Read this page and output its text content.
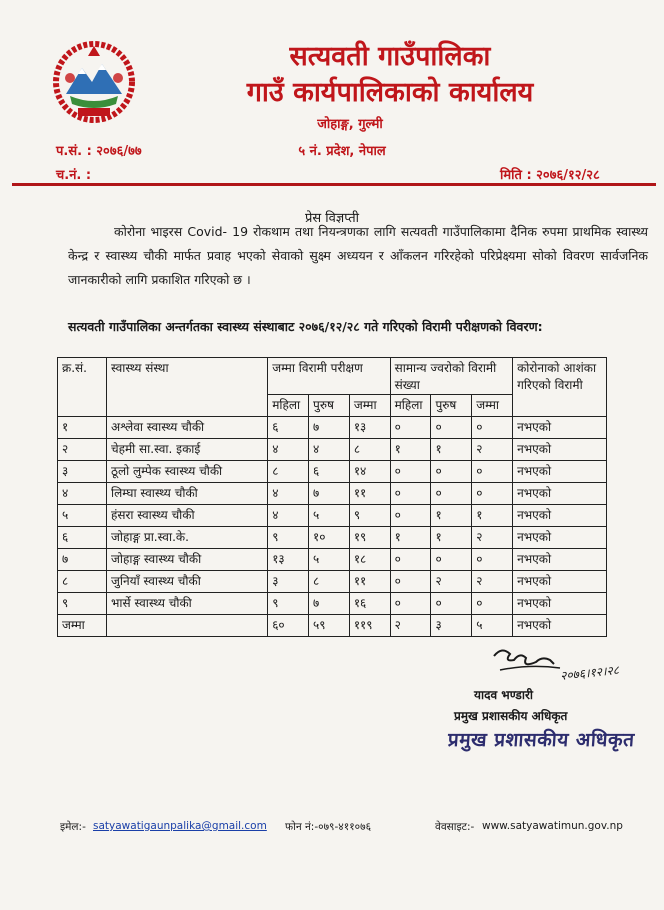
सत्यवती गाउँपालिका
गाउँ कार्यपालिकाको कार्यालय
जोहाङ्ग, गुल्मी
प.सं. : २०७६/७७	५ नं. प्रदेश, नेपाल
च.नं. :	मिति : २०७६/१२/२८
प्रेस विज्ञप्ती

कोरोना भाइरस Covid- 19 रोकथाम तथा नियन्त्रणका लागि सत्यवती गाउँपालिकामा दैनिक रुपमा प्राथमिक स्वास्थ्य केन्द्र र स्वास्थ्य चौकी मार्फत प्रवाह भएको सेवाको सुक्ष्म अध्ययन र आँकलन गरिरहेको परिप्रेक्ष्यमा सोको विवरण सार्वजनिक जानकारीको लागि प्रकाशित गरिएको छ ।

सत्यवती गाउँपालिका अन्तर्गतका स्वास्थ्य संस्थाबाट २०७६/१२/२८ गते गरिएको विरामी परीक्षणको विवरण:

क्र.सं.	स्वास्थ्य संस्था	जम्मा विरामी परीक्षण			सामान्य ज्वरोको विरामी संख्या			कोरोनाको आशंका गरिएको विरामी
		महिला	पुरुष	जम्मा	महिला	पुरुष	जम्मा	
१	अश्लेवा स्वास्थ्य चौकी	६	७	१३	०	०	०	नभएको
२	चेहमी सा.स्वा. इकाई	४	४	८	१	१	२	नभएको
३	ठूलो लुम्पेक स्वास्थ्य चौकी	८	६	१४	०	०	०	नभएको
४	लिम्घा स्वास्थ्य चौकी	४	७	११	०	०	०	नभएको
५	हंसरा स्वास्थ्य चौकी	४	५	९	०	१	१	नभएको
६	जोहाङ्ग प्रा.स्वा.के.	९	१०	१९	१	१	२	नभएको
७	जोहाङ्ग स्वास्थ्य चौकी	१३	५	१८	०	०	०	नभएको
८	जुनियाँ स्वास्थ्य चौकी	३	८	११	०	२	२	नभएको
९	भार्से स्वास्थ्य चौकी	९	७	१६	०	०	०	नभएको
जम्मा		६०	५९	११९	२	३	५	नभएको
२०७६।१२।२८
यादव भण्डारी
प्रमुख प्रशासकीय अधिकृत
प्रमुख प्रशासकीय अधिकृत
इमेल:- satyawatigaunpalika@gmail.com फोन नं:-०७९-४११०७६	वेवसाइट:- www.satyawatimun.gov.np
